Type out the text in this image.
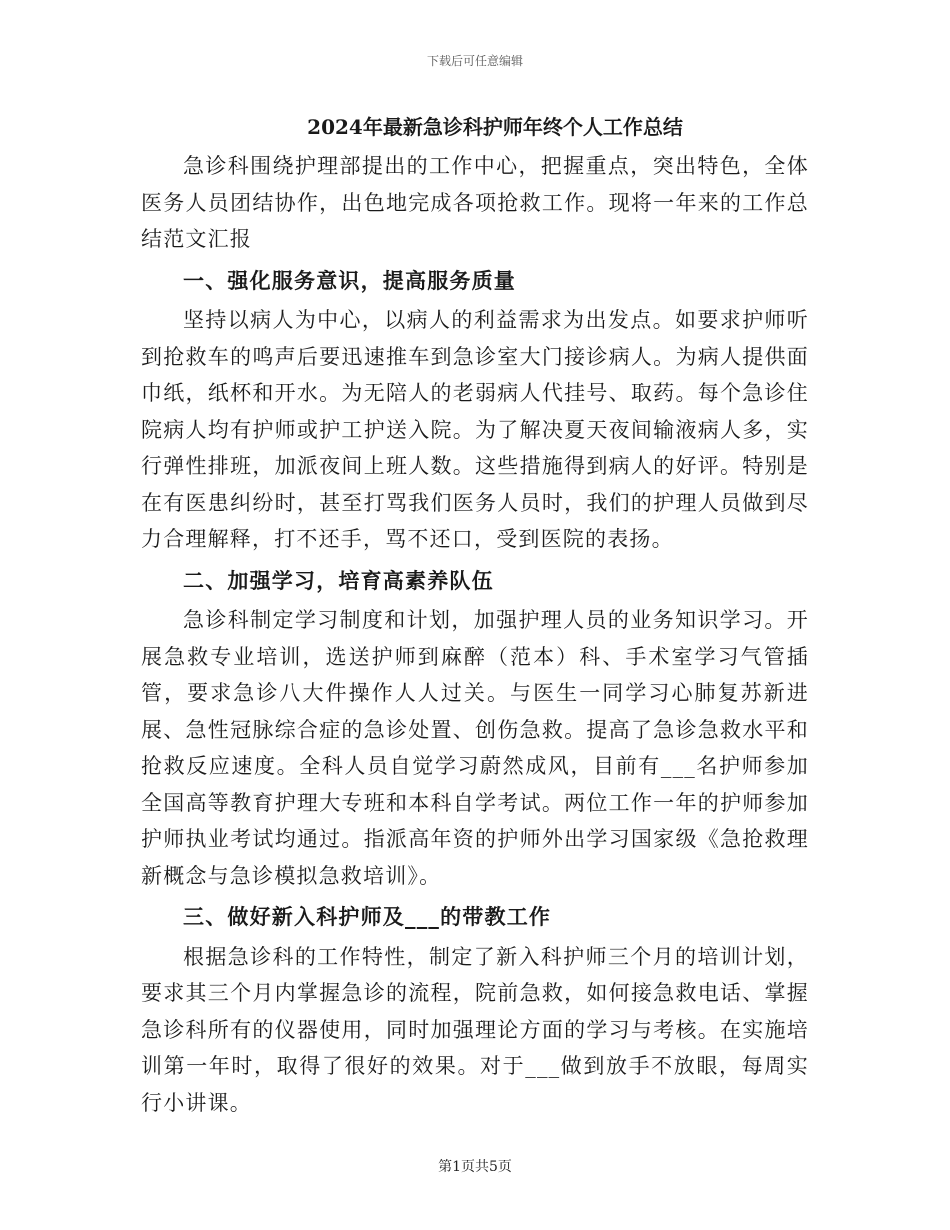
下载后可任意编辑
2024年最新急诊科护师年终个人工作总结

急诊科围绕护理部提出的工作中心，把握重点，突出特色，全体医务人员团结协作，出色地完成各项抢救工作。现将一年来的工作总结范文汇报

一、强化服务意识，提高服务质量

坚持以病人为中心，以病人的利益需求为出发点。如要求护师听到抢救车的鸣声后要迅速推车到急诊室大门接诊病人。为病人提供面巾纸，纸杯和开水。为无陪人的老弱病人代挂号、取药。每个急诊住院病人均有护师或护工护送入院。为了解决夏天夜间输液病人多，实行弹性排班，加派夜间上班人数。这些措施得到病人的好评。特别是在有医患纠纷时，甚至打骂我们医务人员时，我们的护理人员做到尽力合理解释，打不还手，骂不还口，受到医院的表扬。

二、加强学习，培育高素养队伍

急诊科制定学习制度和计划，加强护理人员的业务知识学习。开展急救专业培训，选送护师到麻醉（范本）科、手术室学习气管插管，要求急诊八大件操作人人过关。与医生一同学习心肺复苏新进展、急性冠脉综合症的急诊处置、创伤急救。提高了急诊急救水平和抢救反应速度。全科人员自觉学习蔚然成风，目前有___名护师参加全国高等教育护理大专班和本科自学考试。两位工作一年的护师参加护师执业考试均通过。指派高年资的护师外出学习国家级《急抢救理新概念与急诊模拟急救培训》。

三、做好新入科护师及___的带教工作

根据急诊科的工作特性，制定了新入科护师三个月的培训计划，要求其三个月内掌握急诊的流程，院前急救，如何接急救电话、掌握急诊科所有的仪器使用，同时加强理论方面的学习与考核。在实施培训第一年时，取得了很好的效果。对于___做到放手不放眼，每周实行小讲课。

第1页共5页
